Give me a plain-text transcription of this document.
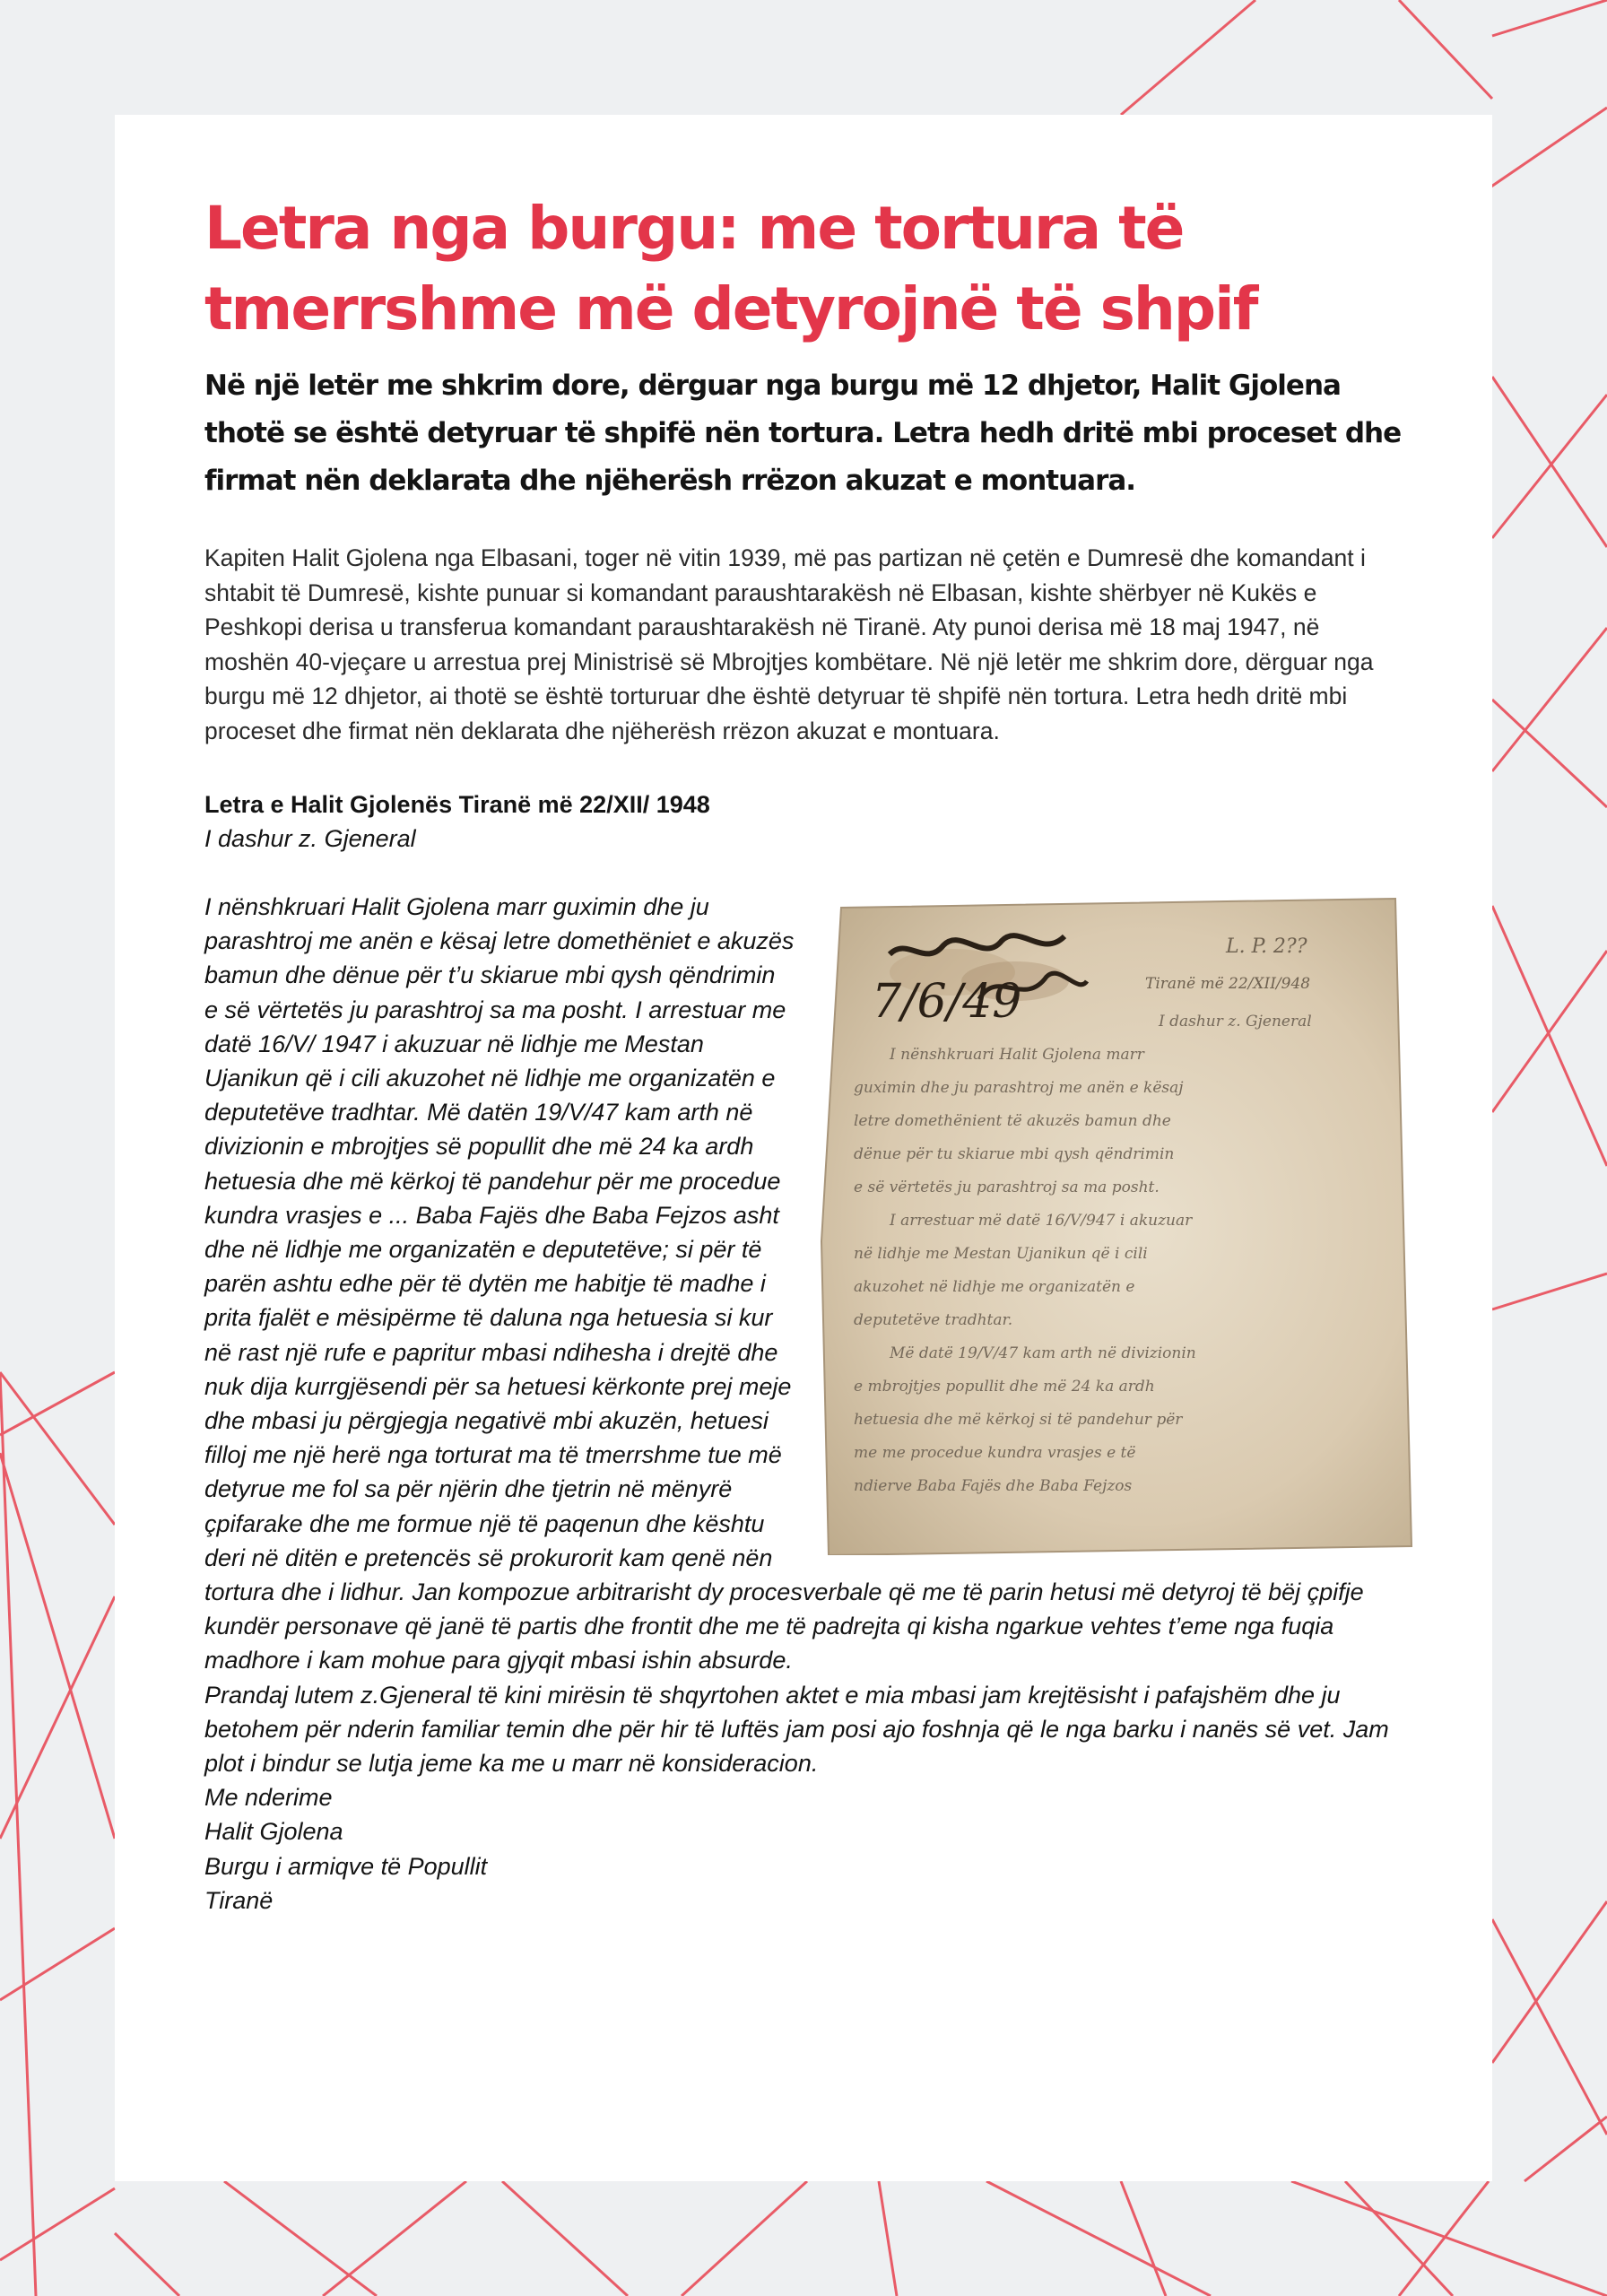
Letra nga burgu: me tortura të tmerrshme më detyrojnë të shpif

Në një letër me shkrim dore, dërguar nga burgu më 12 dhjetor, Halit Gjolena thotë se është detyruar të shpifë nën tortura. Letra hedh dritë mbi proceset dhe firmat nën deklarata dhe njëherësh rrëzon akuzat e montuara.

Kapiten Halit Gjolena nga Elbasani, toger në vitin 1939, më pas partizan në çetën e Dumresë dhe komandant i shtabit të Dumresë, kishte punuar si komandant paraushtarakësh në Elbasan, kishte shërbyer në Kukës e Peshkopi derisa u transferua komandant paraushtarakësh në Tiranë. Aty punoi derisa më 18 maj 1947, në moshën 40-vjeçare u arrestua prej Ministrisë së Mbrojtjes kombëtare. Në një letër me shkrim dore, dërguar nga burgu më 12 dhjetor, ai thotë se është torturuar dhe është detyruar të shpifë nën tortura. Letra hedh dritë mbi proceset dhe firmat nën deklarata dhe njëherësh rrëzon akuzat e montuara.

Letra e Halit Gjolenës Tiranë më 22/XII/ 1948
I dashur z. Gjeneral
L. P. 2??
Tiranë më 22/XII/948
7/6/49	I dashur z. Gjeneral
I nënshkruari Halit Gjolena marr
guximin dhe ju parashtroj me anën e kësaj
letre domethënient të akuzës bamun dhe
dënue për tu skiarue mbi qysh qëndrimin
e së vërtetës ju parashtroj sa ma posht.
I arrestuar më datë 16/V/947 i akuzuar
në lidhje me Mestan Ujanikun që i cili
akuzohet në lidhje me organizatën e
deputetëve tradhtar.
Më datë 19/V/47 kam arth në divizionin
e mbrojtjes popullit dhe më 24 ka ardh
hetuesia dhe më kërkoj si të pandehur për
me me procedue kundra vrasjes e të
ndierve Baba Fajës dhe Baba Fejzos

I nënshkruari Halit Gjolena marr guximin dhe ju parashtroj me anën e kësaj letre domethëniet e akuzës bamun dhe dënue për t’u skiarue mbi qysh qëndrimin e së vërtetës ju parashtroj sa ma posht. I arrestuar me datë 16/V/ 1947 i akuzuar në lidhje me Mestan Ujanikun që i cili akuzohet në lidhje me organizatën e deputetëve tradhtar. Më datën 19/V/47 kam arth në divizionin e mbrojtjes së popullit dhe më 24 ka ardh hetuesia dhe më kërkoj të pandehur për me procedue kundra vrasjes e ... Baba Fajës dhe Baba Fejzos asht dhe në lidhje me organizatën e deputetëve; si për të parën ashtu edhe për të dytën me habitje të madhe i prita fjalët e mësipërme të daluna nga hetuesia si kur në rast një rufe e papritur mbasi ndihesha i drejtë dhe nuk dija kurrgjësendi për sa hetuesi kërkonte prej meje dhe mbasi ju përgjegja negativë mbi akuzën, hetuesi filloj me një herë nga torturat ma të tmerrshme tue më detyrue me fol sa për njërin dhe tjetrin në mënyrë çpifarake dhe me formue një të paqenun dhe kështu deri në ditën e pretencës së prokurorit kam qenë nën tortura dhe i lidhur. Jan kompozue arbitrarisht dy procesverbale që me të parin hetusi më detyroj të bëj çpifje kundër personave që janë të partis dhe frontit dhe me të padrejta qi kisha ngarkue vehtes t’eme nga fuqia madhore i kam mohue para gjyqit mbasi ishin absurde.

Prandaj lutem z.Gjeneral të kini mirësin të shqyrtohen aktet e mia mbasi jam krejtësisht i pafajshëm dhe ju betohem për nderin familiar temin dhe për hir të luftës jam posi ajo foshnja që le nga barku i nanës së vet. Jam plot i bindur se lutja jeme ka me u marr në konsideracion.

Me nderime
Halit Gjolena
Burgu i armiqve të Popullit
Tiranë
